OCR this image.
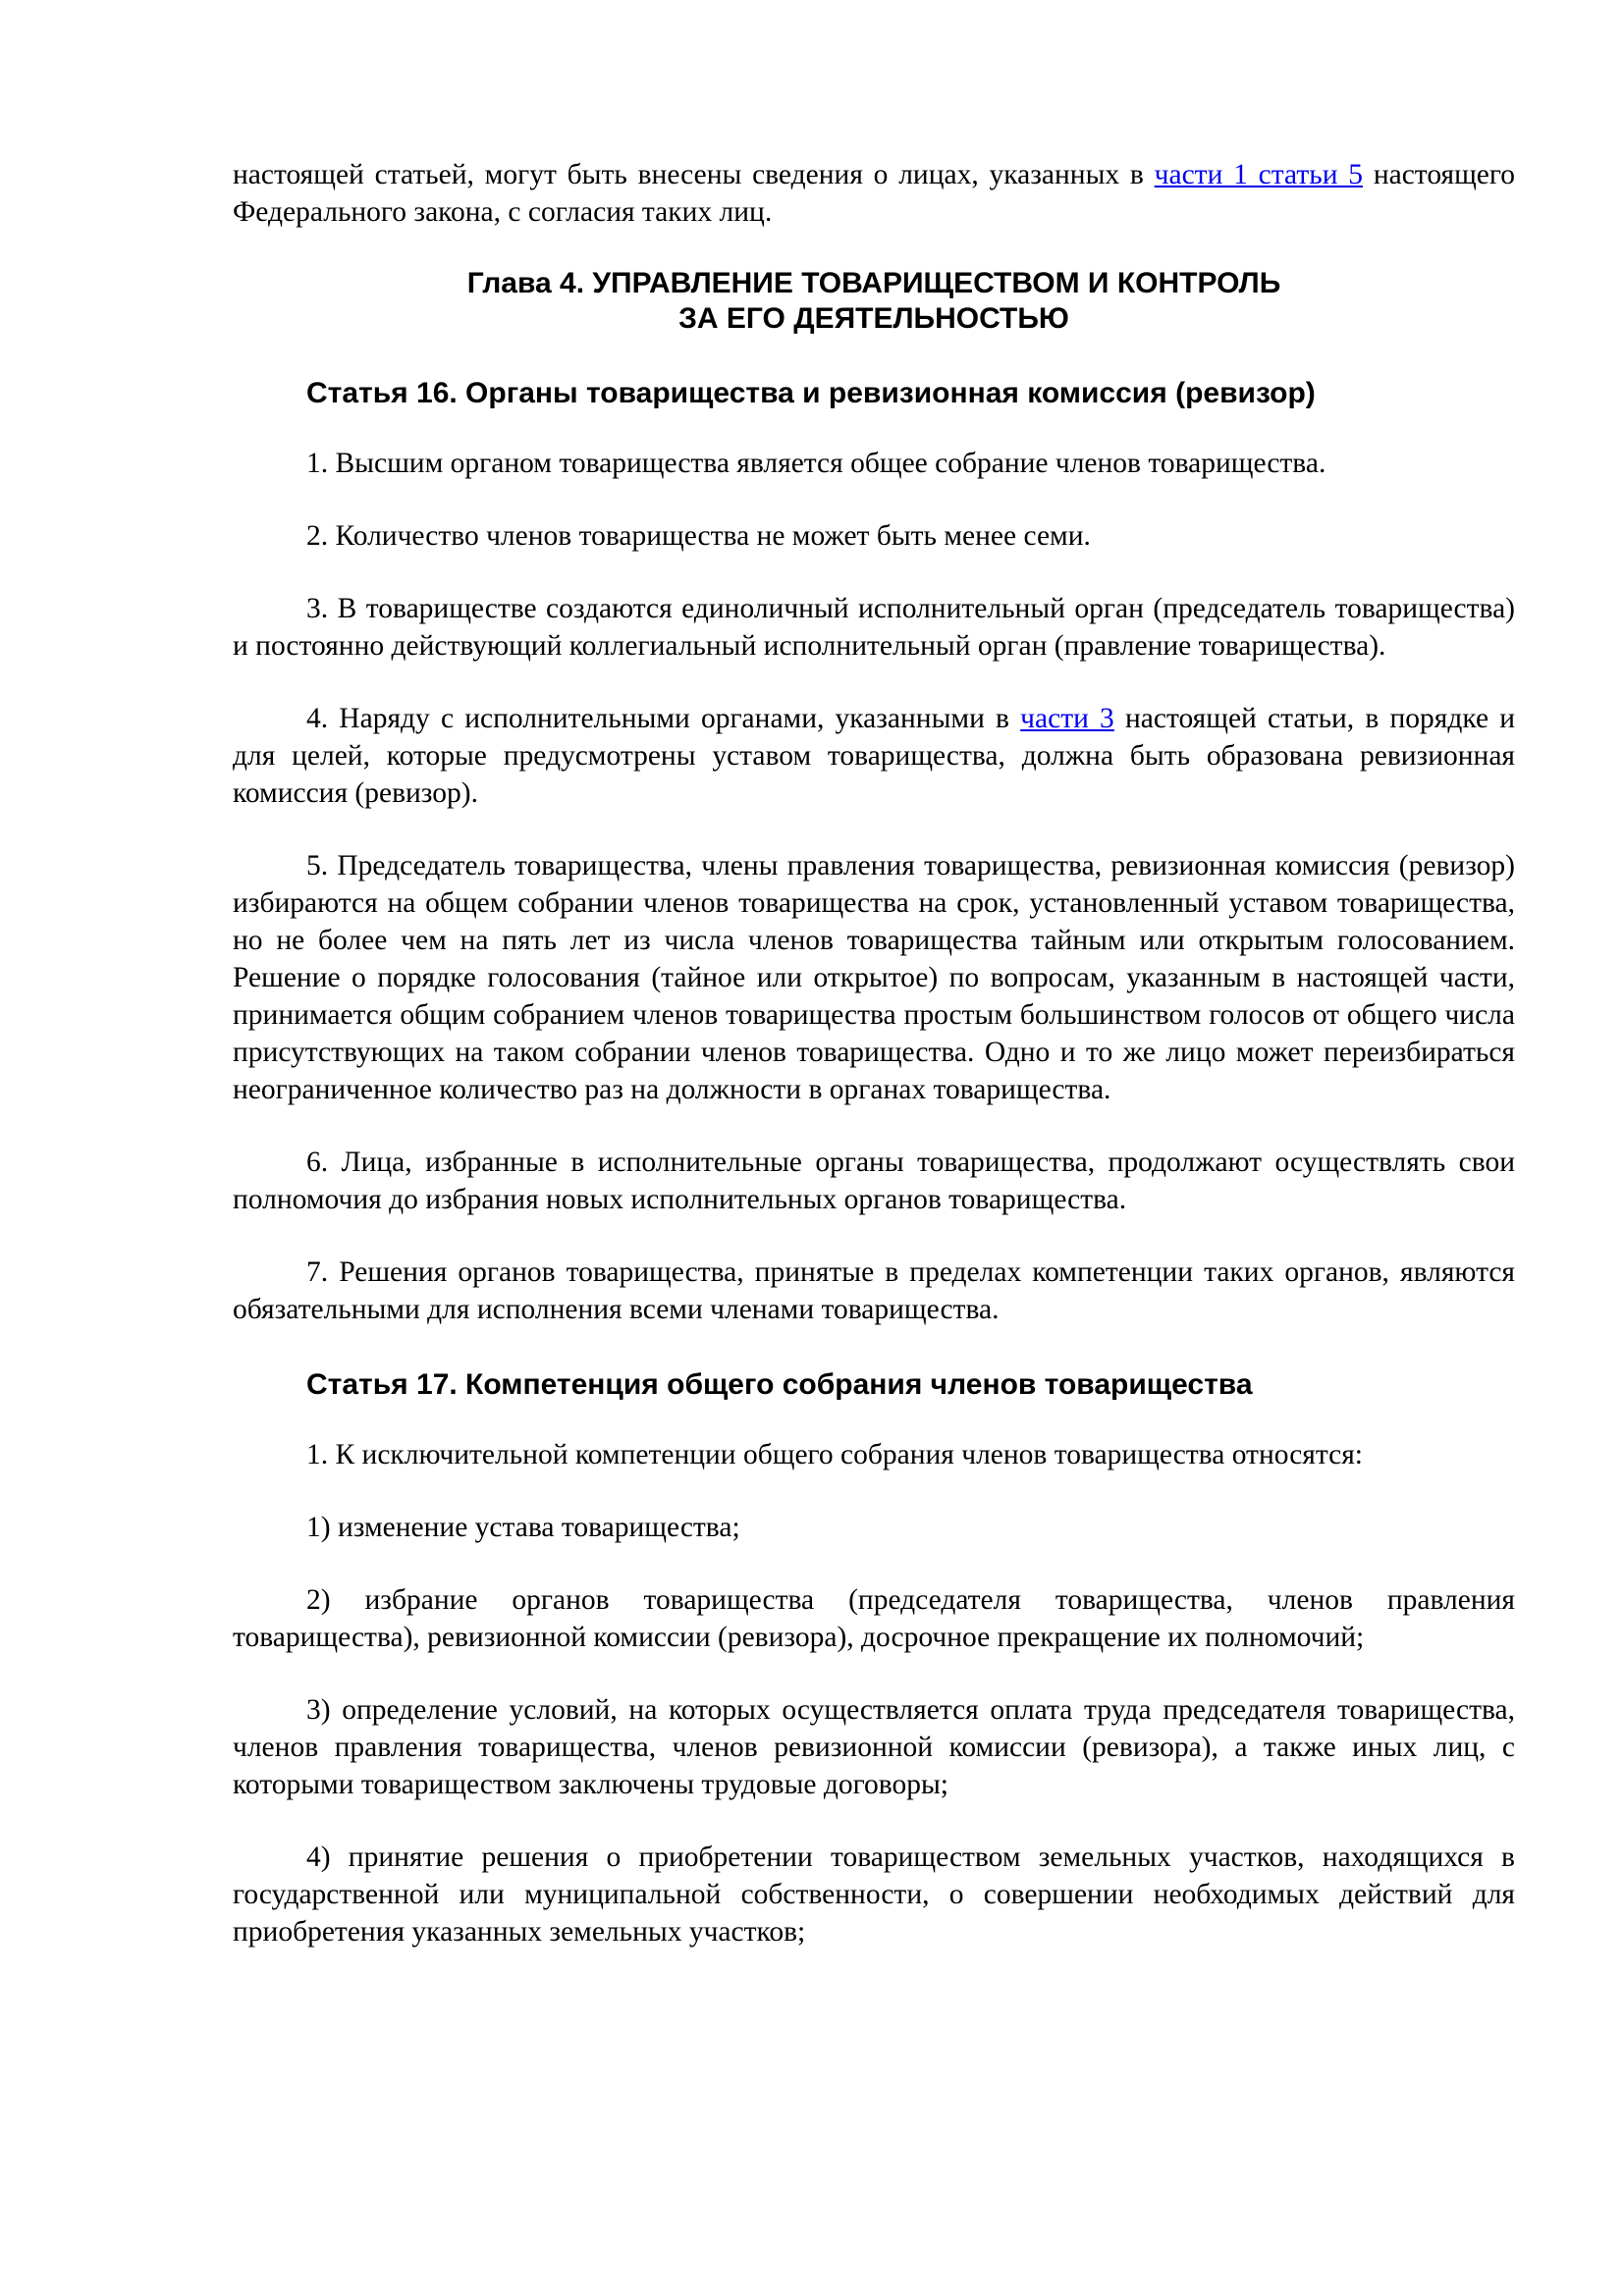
настоящей статьей, могут быть внесены сведения о лицах, указанных в части 1 статьи 5 настоящего Федерального закона, с согласия таких лиц.

Глава 4. УПРАВЛЕНИЕ ТОВАРИЩЕСТВОМ И КОНТРОЛЬ

ЗА ЕГО ДЕЯТЕЛЬНОСТЬЮ

Статья 16. Органы товарищества и ревизионная комиссия (ревизор)

1. Высшим органом товарищества является общее собрание членов товарищества.

2. Количество членов товарищества не может быть менее семи.

3. В товариществе создаются единоличный исполнительный орган (председатель товарищества) и постоянно действующий коллегиальный исполнительный орган (правление товарищества).

4. Наряду с исполнительными органами, указанными в части 3 настоящей статьи, в порядке и для целей, которые предусмотрены уставом товарищества, должна быть образована ревизионная комиссия (ревизор).

5. Председатель товарищества, члены правления товарищества, ревизионная комиссия (ревизор) избираются на общем собрании членов товарищества на срок, установленный уставом товарищества, но не более чем на пять лет из числа членов товарищества тайным или открытым голосованием. Решение о порядке голосования (тайное или открытое) по вопросам, указанным в настоящей части, принимается общим собранием членов товарищества простым большинством голосов от общего числа присутствующих на таком собрании членов товарищества. Одно и то же лицо может переизбираться неограниченное количество раз на должности в органах товарищества.

6. Лица, избранные в исполнительные органы товарищества, продолжают осуществлять свои полномочия до избрания новых исполнительных органов товарищества.

7. Решения органов товарищества, принятые в пределах компетенции таких органов, являются обязательными для исполнения всеми членами товарищества.

Статья 17. Компетенция общего собрания членов товарищества

1. К исключительной компетенции общего собрания членов товарищества относятся:

1) изменение устава товарищества;

2) избрание органов товарищества (председателя товарищества, членов правления товарищества), ревизионной комиссии (ревизора), досрочное прекращение их полномочий;

3) определение условий, на которых осуществляется оплата труда председателя товарищества, членов правления товарищества, членов ревизионной комиссии (ревизора), а также иных лиц, с которыми товариществом заключены трудовые договоры;

4) принятие решения о приобретении товариществом земельных участков, находящихся в государственной или муниципальной собственности, о совершении необходимых действий для приобретения указанных земельных участков;
